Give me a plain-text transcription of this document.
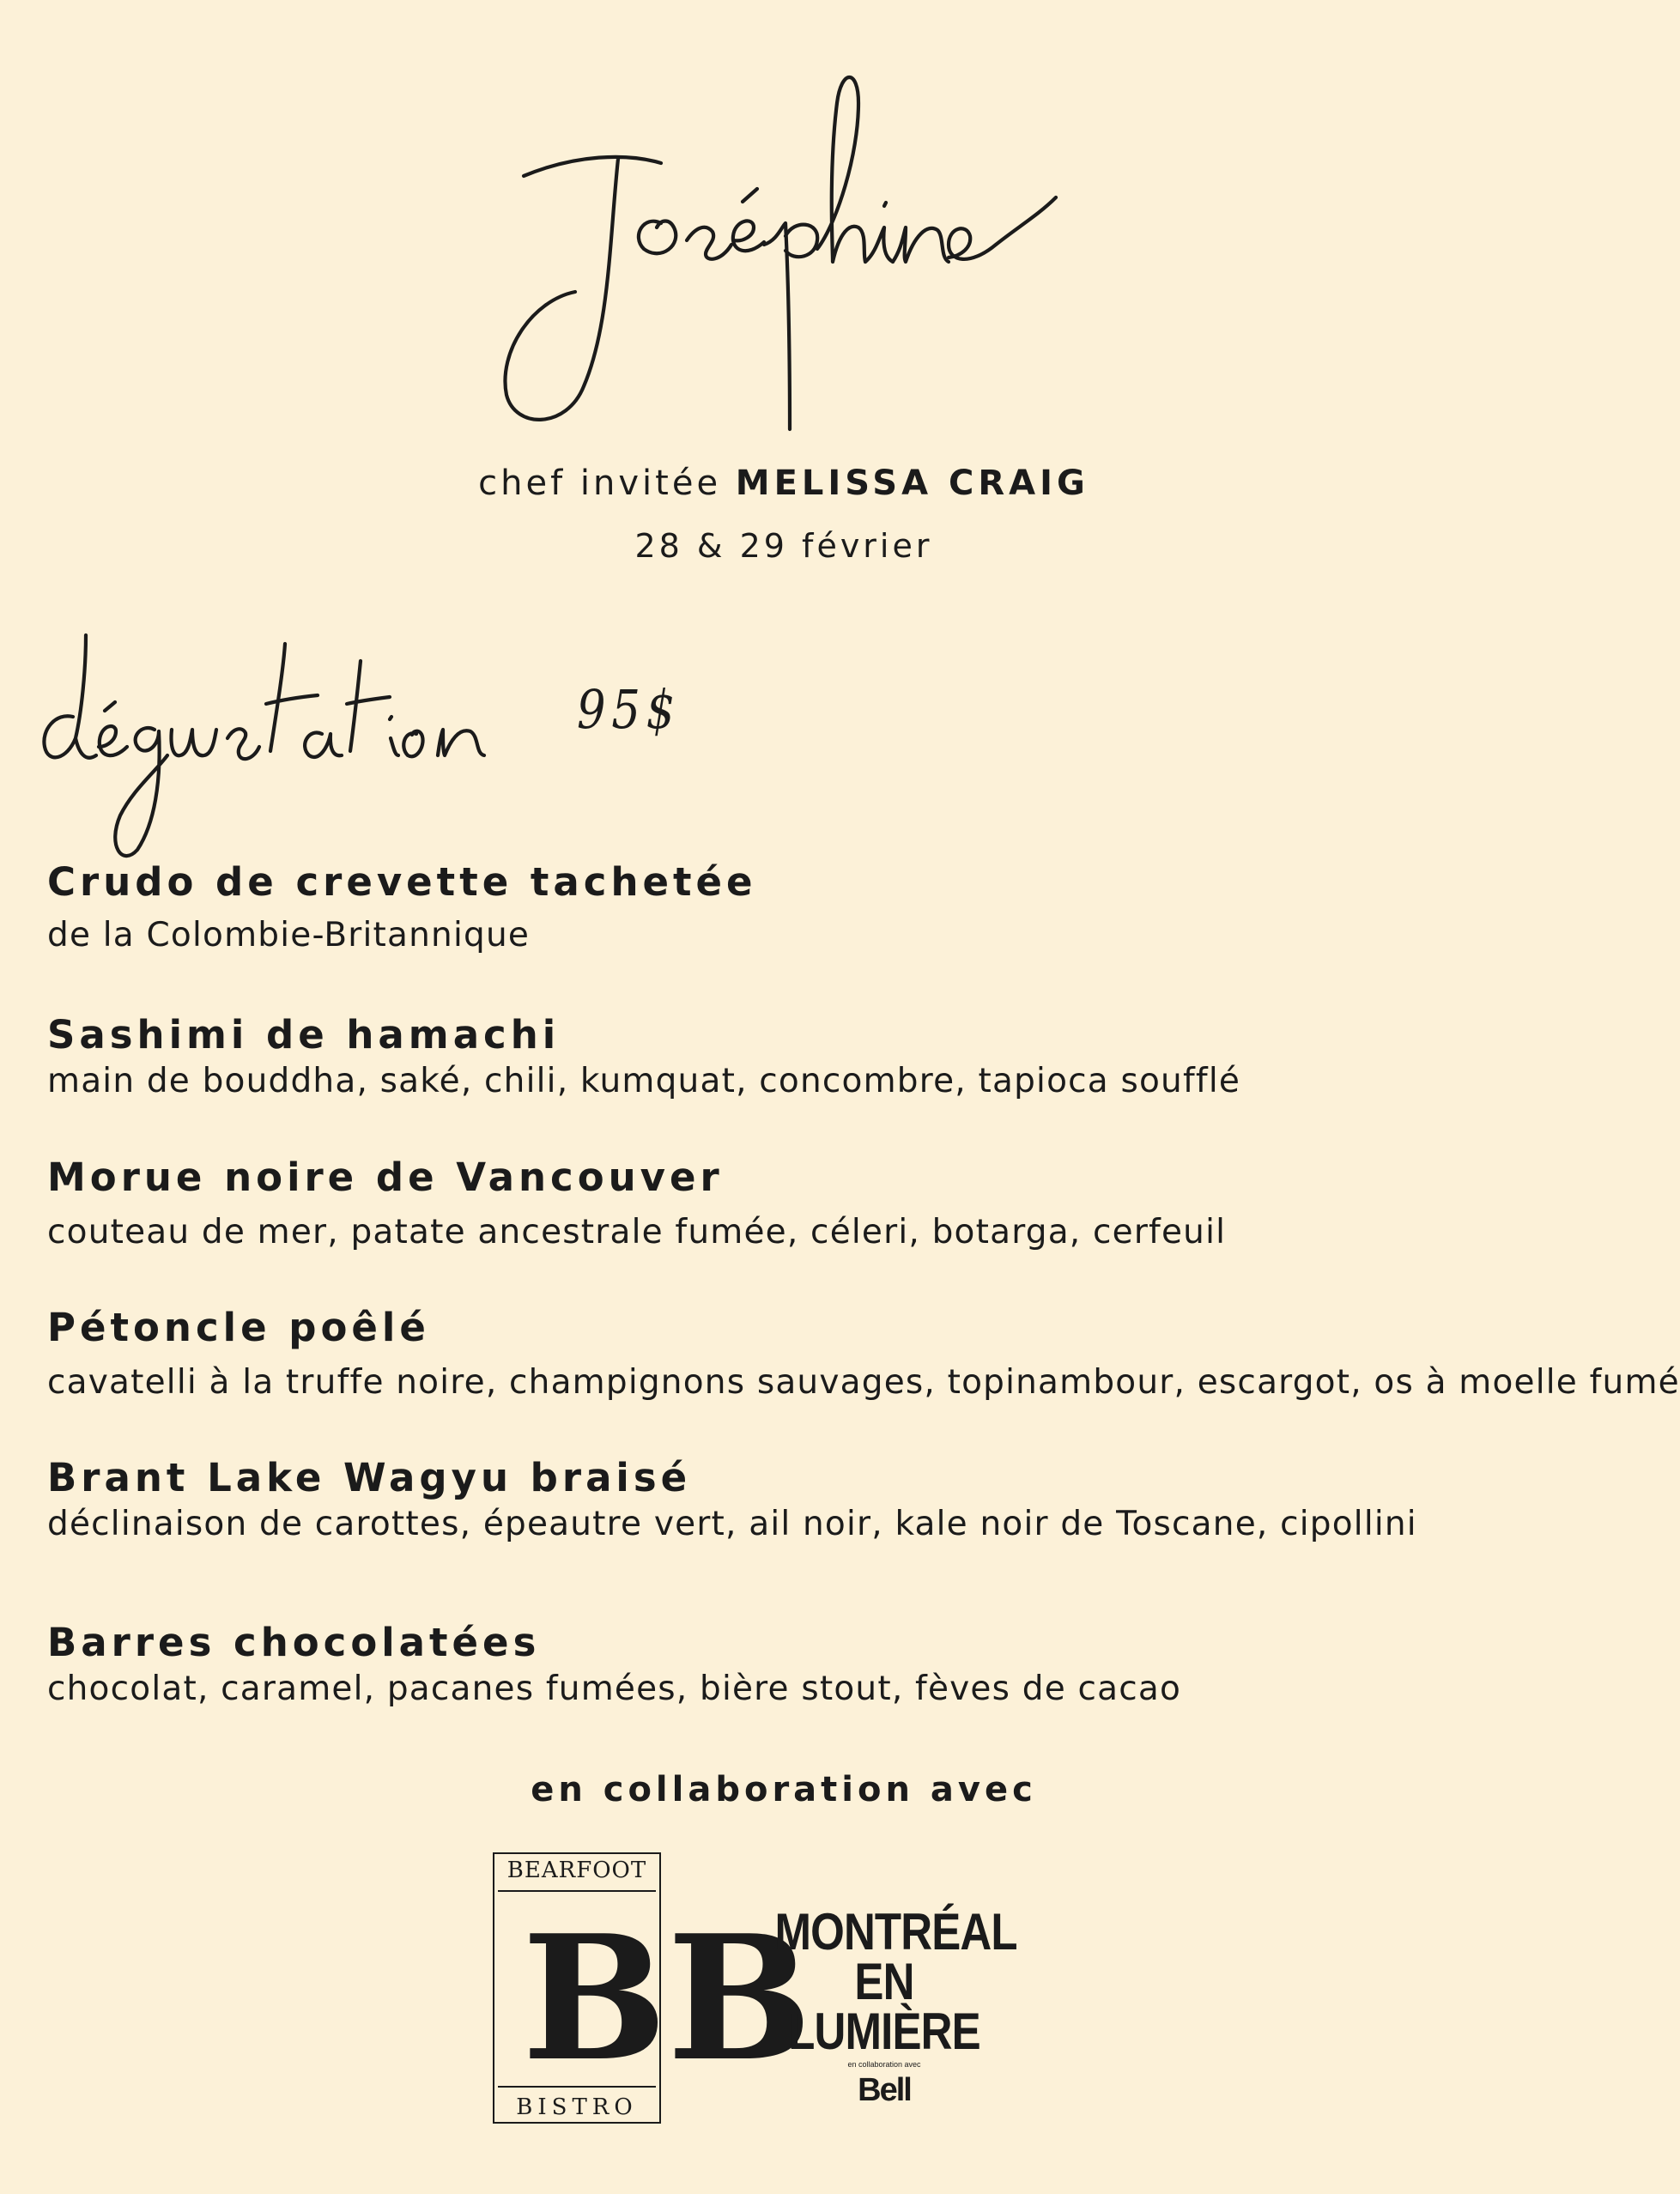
chef invitée MELISSA CRAIG
28 & 29 février
95$
Crudo de crevette tachetée
de la Colombie-Britannique
Sashimi de hamachi
main de bouddha, saké, chili, kumquat, concombre, tapioca soufflé
Morue noire de Vancouver
couteau de mer, patate ancestrale fumée, céleri, botarga, cerfeuil
Pétoncle poêlé
cavatelli à la truffe noire, champignons sauvages, topinambour, escargot, os à moelle fumé
Brant Lake Wagyu braisé
déclinaison de carottes, épeautre vert, ail noir, kale noir de Toscane, cipollini
Barres chocolatées
chocolat, caramel, pacanes fumées, bière stout, fèves de cacao
en collaboration avec
BEARFOOT
BB
BISTRO
MONTRÉAL
EN LUMIÈRE
en collaboration avec
Bell
